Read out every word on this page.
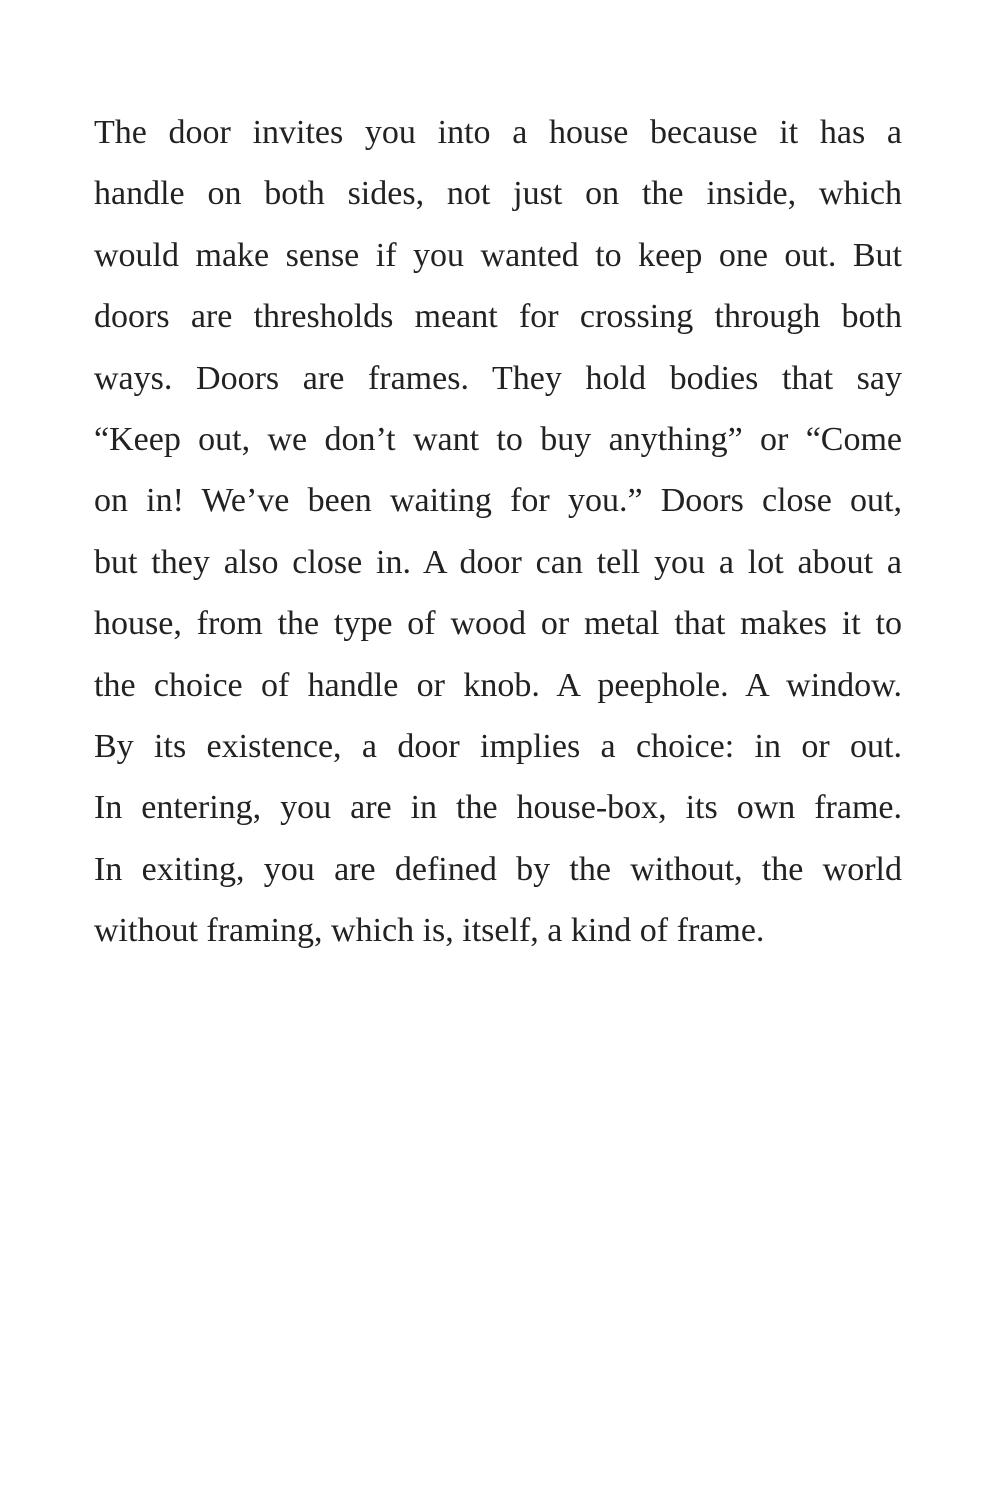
The door invites you into a house because it has a
handle on both sides, not just on the inside, which
would make sense if you wanted to keep one out. But
doors are thresholds meant for crossing through both
ways. Doors are frames. They hold bodies that say
“Keep out, we don’t want to buy anything” or “Come
on in! We’ve been waiting for you.” Doors close out,
but they also close in. A door can tell you a lot about a
house, from the type of wood or metal that makes it to
the choice of handle or knob. A peephole. A window.
By its existence, a door implies a choice: in or out.
In entering, you are in the house-box, its own frame.
In exiting, you are defined by the without, the world
without framing, which is, itself, a kind of frame.
